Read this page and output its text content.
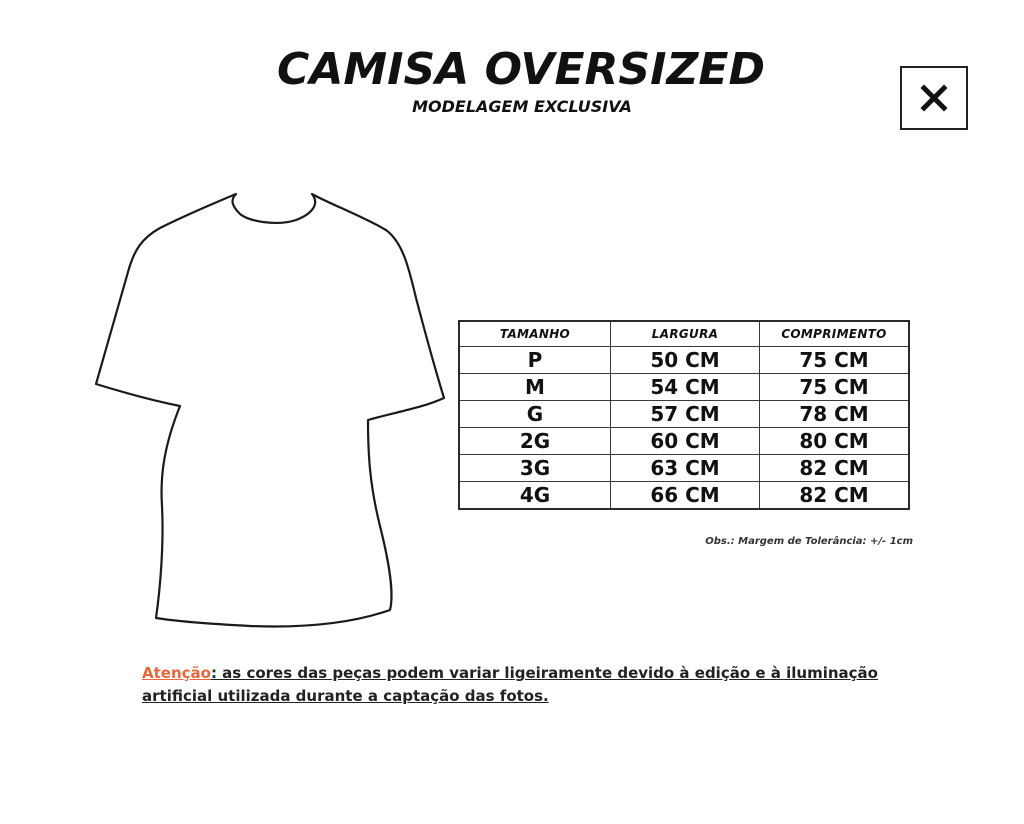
CAMISA OVERSIZED
MODELAGEM EXCLUSIVA
TAMANHO	LARGURA	COMPRIMENTO
P	50 CM	75 CM
M	54 CM	75 CM
G	57 CM	78 CM
2G	60 CM	80 CM
3G	63 CM	82 CM
4G	66 CM	82 CM
Obs.: Margem de Tolerância: +/- 1cm
Atenção: as cores das peças podem variar ligeiramente devido à edição e à iluminação artificial utilizada durante a captação das fotos.
